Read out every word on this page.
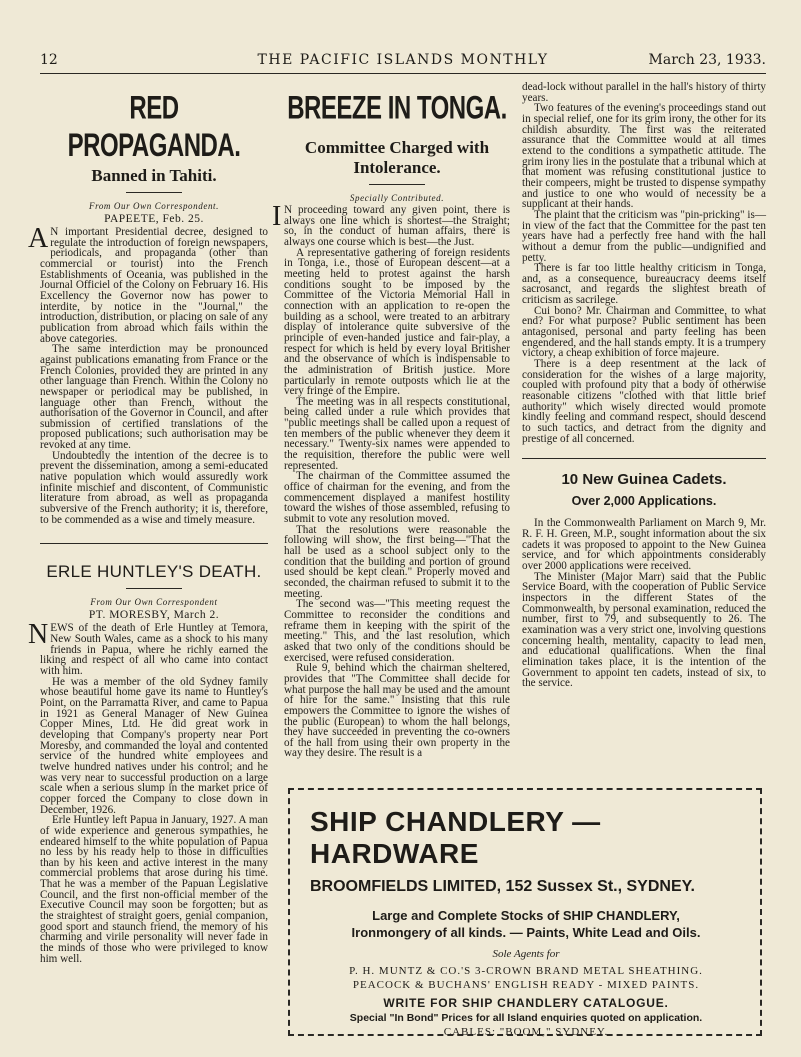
12	THE PACIFIC ISLANDS MONTHLY	March 23, 1933.
RED PROPAGANDA.

Banned in Tahiti.

From Our Own Correspondent.

PAPEETE, Feb. 25.

A N important Presidential decree, designed to regulate the introduction of foreign newspapers, periodicals, and propaganda (other than commercial or tourist) into the French Establishments of Oceania, was published in the Journal Officiel of the Colony on February 16. His Excellency the Governor now has power to interdite, by notice in the "Journal," the introduction, distribution, or placing on sale of any publication from abroad which fails within the above categories.

The same interdiction may be pronounced against publications emanating from France or the French Colonies, provided they are printed in any other language than French. Within the Colony no newspaper or periodical may be published, in language other than French, without the authorisation of the Governor in Council, and after submission of certified translations of the proposed publications; such authorisation may be revoked at any time.

Undoubtedly the intention of the decree is to prevent the dissemination, among a semi-educated native population which would assuredly work infinite mischief and discontent, of Communistic literature from abroad, as well as propaganda subversive of the French authority; it is, therefore, to be commended as a wise and timely measure.

ERLE HUNTLEY'S DEATH.

From Our Own Correspondent

PT. MORESBY, March 2.

NEWS of the death of Erle Huntley at Temora, New South Wales, came as a shock to his many friends in Papua, where he richly earned the liking and respect of all who came into contact with him.

He was a member of the old Sydney family whose beautiful home gave its name to Huntley's Point, on the Parramatta River, and came to Papua in 1921 as General Manager of New Guinea Copper Mines, Ltd. He did great work in developing that Company's property near Port Moresby, and commanded the loyal and contented service of the hundred white employees and twelve hundred natives under his control; and he was very near to successful production on a large scale when a serious slump in the market price of copper forced the Company to close down in December, 1926.

Erle Huntley left Papua in January, 1927. A man of wide experience and generous sympathies, he endeared himself to the white population of Papua no less by his ready help to those in difficulties than by his keen and active interest in the many commercial problems that arose during his time. That he was a member of the Papuan Legislative Council, and the first non-official member of the Executive Council may soon be forgotten; but as the straightest of straight goers, genial companion, good sport and staunch friend, the memory of his charming and virile personality will never fade in the minds of those who were privileged to know him well.

BREEZE IN TONGA.

Committee Charged with Intolerance.

Specially Contributed.

I N proceeding toward any given point, there is always one line which is shortest—the Straight; so, in the conduct of human affairs, there is always one course which is best—the Just.

A representative gathering of foreign residents in Tonga, i.e., those of European descent—at a meeting held to protest against the harsh conditions sought to be imposed by the Committee of the Victoria Memorial Hall in connection with an application to re-open the building as a school, were treated to an arbitrary display of intolerance quite subversive of the principle of even-handed justice and fair-play, a respect for which is held by every loyal Britisher and the observance of which is indispensable to the administration of British justice. More particularly in remote outposts which lie at the very fringe of the Empire.

The meeting was in all respects constitutional, being called under a rule which provides that "public meetings shall be called upon a request of ten members of the public whenever they deem it necessary." Twenty-six names were appended to the requisition, therefore the public were well represented.

The chairman of the Committee assumed the office of chairman for the evening, and from the commencement displayed a manifest hostility toward the wishes of those assembled, refusing to submit to vote any resolution moved.

That the resolutions were reasonable the following will show, the first being—"That the hall be used as a school subject only to the condition that the building and portion of ground used should be kept clean." Properly moved and seconded, the chairman refused to submit it to the meeting.

The second was—"This meeting request the Committee to reconsider the conditions and reframe them in keeping with the spirit of the meeting." This, and the last resolution, which asked that two only of the conditions should be exercised, were refused consideration.

Rule 9, behind which the chairman sheltered, provides that "The Committee shall decide for what purpose the hall may be used and the amount of hire for the same." Insisting that this rule empowers the Committee to ignore the wishes of the public (European) to whom the hall belongs, they have succeeded in preventing the co-owners of the hall from using their own property in the way they desire. The result is a

dead-lock without parallel in the hall's history of thirty years.

Two features of the evening's proceedings stand out in special relief, one for its grim irony, the other for its childish absurdity. The first was the reiterated assurance that the Committee would at all times extend to the conditions a sympathetic attitude. The grim irony lies in the postulate that a tribunal which at that moment was refusing constitutional justice to their compeers, might be trusted to dispense sympathy and justice to one who would of necessity be a supplicant at their hands.

The plaint that the criticism was "pin-pricking" is—in view of the fact that the Committee for the past ten years have had a perfectly free hand with the hall without a demur from the public—undignified and petty.

There is far too little healthy criticism in Tonga, and, as a consequence, bureaucracy deems itself sacrosanct, and regards the slightest breath of criticism as sacrilege.

Cui bono? Mr. Chairman and Committee, to what end? For what purpose? Public sentiment has been antagonised, personal and party feeling has been engendered, and the hall stands empty. It is a trumpery victory, a cheap exhibition of force majeure.

There is a deep resentment at the lack of consideration for the wishes of a large majority, coupled with profound pity that a body of otherwise reasonable citizens "clothed with that little brief authority" which wisely directed would promote kindly feeling and command respect, should descend to such tactics, and detract from the dignity and prestige of all concerned.

10 New Guinea Cadets.

Over 2,000 Applications.

In the Commonwealth Parliament on March 9, Mr. R. F. H. Green, M.P., sought information about the six cadets it was proposed to appoint to the New Guinea service, and for which appointments considerably over 2000 applications were received.

The Minister (Major Marr) said that the Public Service Board, with the cooperation of Public Service inspectors in the different States of the Commonwealth, by personal examination, reduced the number, first to 79, and subsequently to 26. The examination was a very strict one, involving questions concerning health, mentality, capacity to lead men, and educational qualifications. When the final elimination takes place, it is the intention of the Government to appoint ten cadets, instead of six, to the service.

SHIP CHANDLERY — HARDWARE

BROOMFIELDS LIMITED, 152 Sussex St., SYDNEY.

Large and Complete Stocks of SHIP CHANDLERY,

Ironmongery of all kinds. — Paints, White Lead and Oils.

Sole Agents for

P. H. MUNTZ & CO.'S 3-CROWN BRAND METAL SHEATHING.

PEACOCK & BUCHANS' ENGLISH READY - MIXED PAINTS.

WRITE FOR SHIP CHANDLERY CATALOGUE.

Special "In Bond" Prices for all Island enquiries quoted on application.

CABLES: "BOOM," SYDNEY.
